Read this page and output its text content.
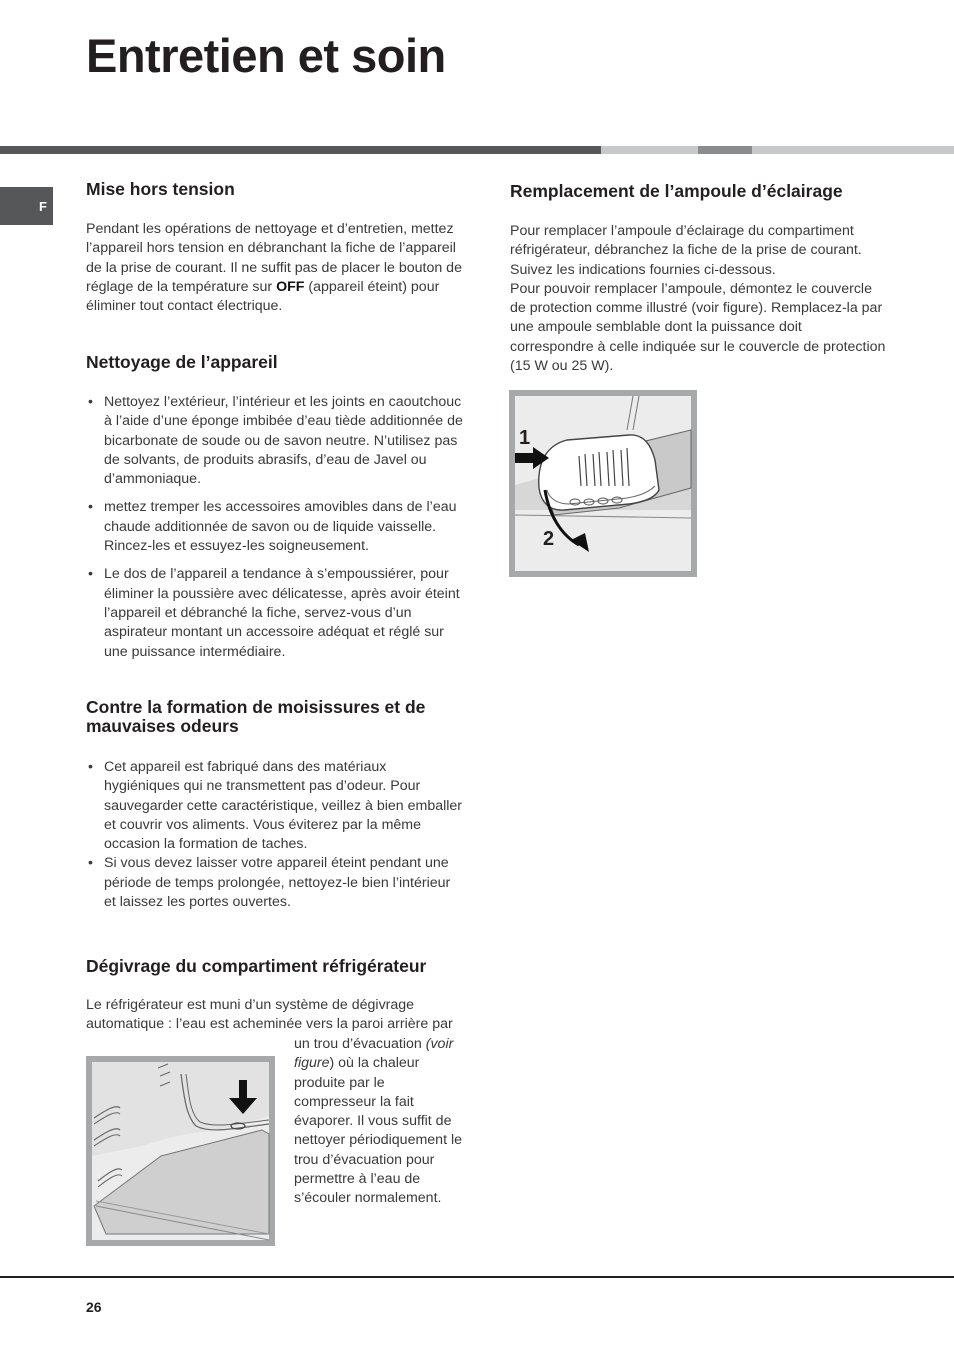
Entretien et soin
F
Mise hors tension

Pendant les opérations de nettoyage et d’entretien, mettez l’appareil hors tension en débranchant la fiche de l’appareil de la prise de courant. Il ne suffit pas de placer le bouton de réglage de la température sur OFF (appareil éteint) pour éliminer tout contact électrique.

Nettoyage de l’appareil
• Nettoyez l’extérieur, l’intérieur et les joints en caoutchouc à l’aide d’une éponge imbibée d’eau tiède additionnée de bicarbonate de soude ou de savon neutre. N’utilisez pas de solvants, de produits abrasifs, d’eau de Javel ou d’ammoniaque.
• mettez tremper les accessoires amovibles dans de l’eau chaude additionnée de savon ou de liquide vaisselle. Rincez-les et essuyez-les soigneusement.
• Le dos de l’appareil a tendance à s’empoussiérer, pour éliminer la poussière avec délicatesse, après avoir éteint l’appareil et débranché la fiche, servez-vous d’un aspirateur montant un accessoire adéquat et réglé sur une puissance intermédiaire.
Contre la formation de moisissures et de mauvaises odeurs
• Cet appareil est fabriqué dans des matériaux hygiéniques qui ne transmettent pas d’odeur. Pour sauvegarder cette caractéristique, veillez à bien emballer et couvrir vos aliments. Vous éviterez par la même occasion la formation de taches.
• Si vous devez laisser votre appareil éteint pendant une période de temps prolongée, nettoyez-le bien l’intérieur et laissez les portes ouvertes.
Dégivrage du compartiment réfrigérateur

Le réfrigérateur est muni d’un système de dégivrage automatique : l’eau est acheminée vers la paroi arrière par

un trou d’évacuation (voir figure) où la chaleur produite par le compresseur la fait évaporer. Il vous suffit de nettoyer périodiquement le trou d’évacuation pour permettre à l’eau de s’écouler normalement.

Remplacement de l’ampoule d’éclairage

Pour remplacer l’ampoule d’éclairage du compartiment réfrigérateur, débranchez la fiche de la prise de courant. Suivez les indications fournies ci-dessous.
Pour pouvoir remplacer l’ampoule, démontez le couvercle de protection comme illustré (voir figure). Remplacez-la par une ampoule semblable dont la puissance doit correspondre à celle indiquée sur le couvercle de protection (15 W ou 25 W).

1
2
26
